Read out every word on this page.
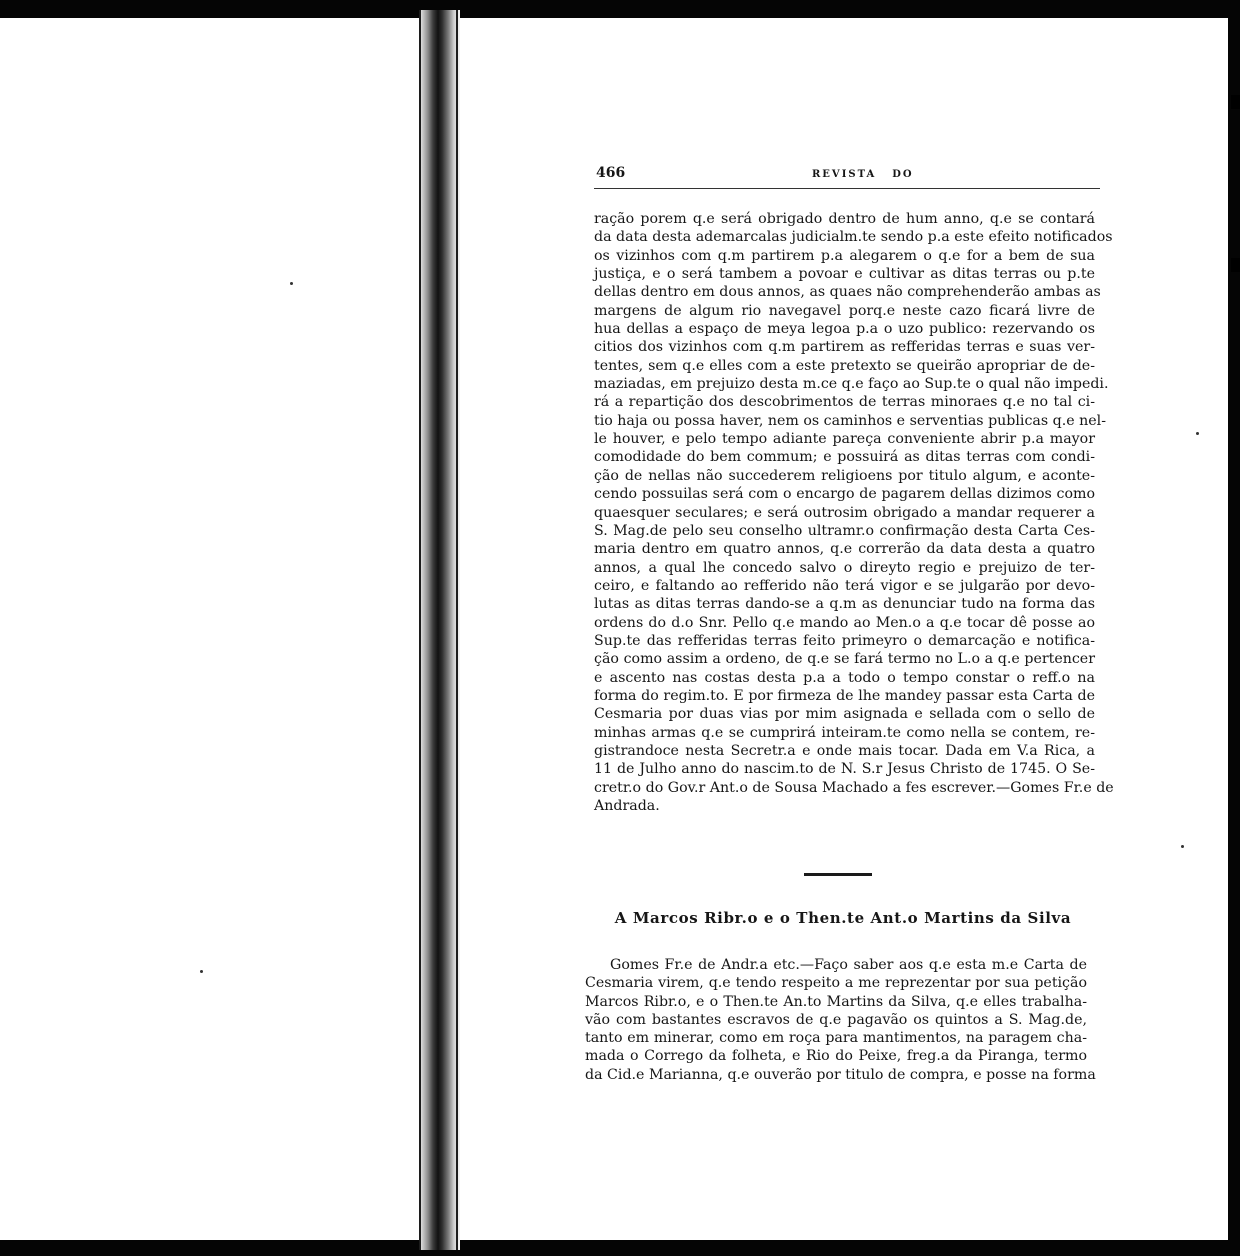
466	REVISTA DO
ração porem q.e será obrigado dentro de hum anno, q.e se contará
da data desta ademarcalas judicialm.te sendo p.a este efeito notificados
os vizinhos com q.m partirem p.a alegarem o q.e for a bem de sua
justiça, e o será tambem a povoar e cultivar as ditas terras ou p.te
dellas dentro em dous annos, as quaes não comprehenderão ambas as
margens de algum rio navegavel porq.e neste cazo ficará livre de
hua dellas a espaço de meya legoa p.a o uzo publico: rezervando os
citios dos vizinhos com q.m partirem as refferidas terras e suas ver-
tentes, sem q.e elles com a este pretexto se queirão apropriar de de-
maziadas, em prejuizo desta m.ce q.e faço ao Sup.te o qual não impedi.
rá a repartição dos descobrimentos de terras minoraes q.e no tal ci-
tio haja ou possa haver, nem os caminhos e serventias publicas q.e nel-
le houver, e pelo tempo adiante pareça conveniente abrir p.a mayor
comodidade do bem commum; e possuirá as ditas terras com condi-
ção de nellas não succederem religioens por titulo algum, e aconte-
cendo possuilas será com o encargo de pagarem dellas dizimos como
quaesquer seculares; e será outrosim obrigado a mandar requerer a
S. Mag.de pelo seu conselho ultramr.o confirmação desta Carta Ces-
maria dentro em quatro annos, q.e correrão da data desta a quatro
annos, a qual lhe concedo salvo o direyto regio e prejuizo de ter-
ceiro, e faltando ao refferido não terá vigor e se julgarão por devo-
lutas as ditas terras dando-se a q.m as denunciar tudo na forma das
ordens do d.o Snr. Pello q.e mando ao Men.o a q.e tocar dê posse ao
Sup.te das refferidas terras feito primeyro o demarcação e notifica-
ção como assim a ordeno, de q.e se fará termo no L.o a q.e pertencer
e ascento nas costas desta p.a a todo o tempo constar o reff.o na
forma do regim.to. E por firmeza de lhe mandey passar esta Carta de
Cesmaria por duas vias por mim asignada e sellada com o sello de
minhas armas q.e se cumprirá inteiram.te como nella se contem, re-
gistrandoce nesta Secretr.a e onde mais tocar. Dada em V.a Rica, a
11 de Julho anno do nascim.to de N. S.r Jesus Christo de 1745. O Se-
cretr.o do Gov.r Ant.o de Sousa Machado a fes escrever.—Gomes Fr.e de
Andrada.
A Marcos Ribr.o e o Then.te Ant.o Martins da Silva
Gomes Fr.e de Andr.a etc.—Faço saber aos q.e esta m.e Carta de
Cesmaria virem, q.e tendo respeito a me reprezentar por sua petição
Marcos Ribr.o, e o Then.te An.to Martins da Silva, q.e elles trabalha-
vão com bastantes escravos de q.e pagavão os quintos a S. Mag.de,
tanto em minerar, como em roça para mantimentos, na paragem cha-
mada o Corrego da folheta, e Rio do Peixe, freg.a da Piranga, termo
da Cid.e Marianna, q.e ouverão por titulo de compra, e posse na forma
